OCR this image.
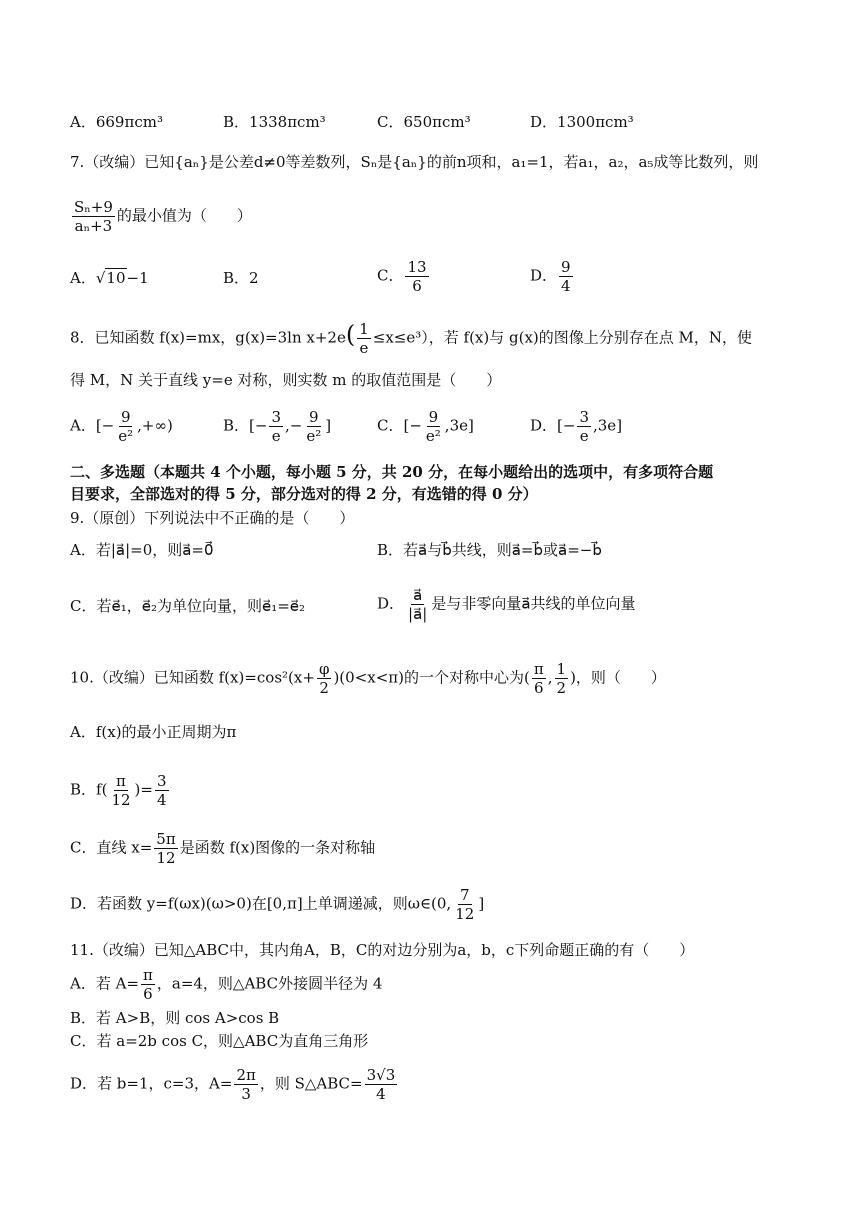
A．669πcm³	B．1338πcm³	C．650πcm³	D．1300πcm³
7.（改编）已知{aₙ}是公差d≠0等差数列，Sₙ是{aₙ}的前n项和，a₁=1，若a₁，a₂，a₅成等比数列，则
$\frac{\text{Sₙ+9}}{\text{aₙ+3}}$ 的最小值为（　　）
A．√10−1	B．2	C． $\frac{13}{6}$	D． $\frac{9}{4}$
8．已知函数 f(x)=mx，g(x)=3ln $x+2e( \frac{1}{e} \le x\le e^3)$，若 f(x)与 g(x)的图像上分别存在点 M，N，使
得 M，N 关于直线 y=e 对称，则实数 m 的取值范围是（　　）
A．[− $\frac{9}{\text{e²}}$ ,+∞)	B．[− $\frac{3}{e}$ ,− $\frac{9}{\text{e²}}$ ]	C．[− $\frac{9}{\text{e²}} ,3e$]	D．[− $\frac{3}{e} ,3e$]
二、多选题（本题共 4 个小题，每小题 5 分，共 20 分，在每小题给出的选项中，有多项符合题
目要求，全部选对的得 5 分，部分选对的得 2 分，有选错的得 0 分）
9.（原创）下列说法中不正确的是（　　）
A．若|a⃗|=0，则a⃗=0⃗	B．若a⃗与b⃗共线，则a⃗=b⃗或a⃗=−b⃗
C．若e⃗₁，e⃗₂为单位向量，则e⃗₁=e⃗₂	D． $\frac{a⃗}{|a⃗|}$ 是与非零向量a⃗共线的单位向量
10.（改编）已知函数 $f(x)=\cos^2(x+ \frac{\varphi}{2} )(0<x<\pi)$的一个对称中心为( $\frac{\pi}{6}$ , $\frac{1}{2}$ )，则（　　）
A．f(x)的最小正周期为π
B．$f( \frac{\pi}{12}$ )= $\frac{3}{4}$
C．直线 $x= \frac{5\pi}{12}$ 是函数 f(x)图像的一条对称轴
D．若函数 y=f(ωx)(ω>0)在[0,π]上单调递减，则ω∈(0, $\frac{7}{12}$ ]
11.（改编）已知△ABC中，其内角A，B，C的对边分别为a，b，c下列命题正确的有（　　）
A．若 $A= \frac{\pi}{6}$ ，a=4，则△ABC外接圆半径为 4
B．若 A>B，则 cos A>cos B
C．若 a=2b cos C，则△ABC为直角三角形
D．若 b=1，c=3，$A= \frac{2\pi}{3}$ ，则 S△ABC= $\frac{3√3}{4}$
